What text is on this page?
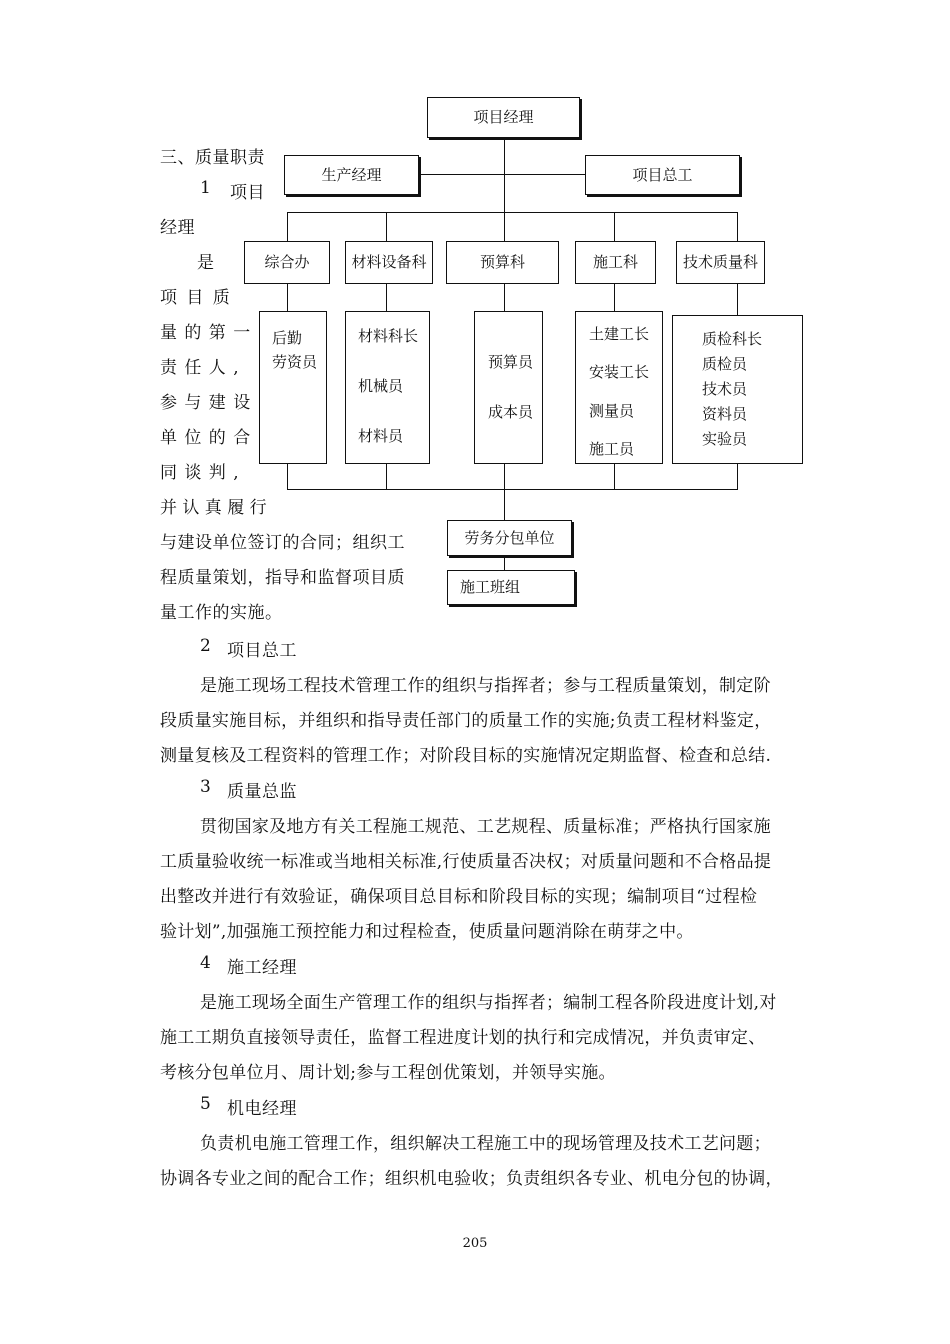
项目经理
生产经理	项目总工
综合办	材料设备科	预算科	施工科	技术质量科
后勤
劳资员
材料科长
机械员
材料员
预算员
成本员
土建工长
安装工长
测量员
施工员
质检科长
质检员
技术员
资料员
实验员
劳务分包单位
施工班组
三、质量职责
1 项目
经理
是
项 目 质
量 的 第 一
责 任 人 ,
参 与 建 设
单 位 的 合
同 谈 判 ,
并 认 真 履 行
与建设单位签订的合同；组织工
程质量策划，指导和监督项目质
量工作的实施。
2 项目总工
是施工现场工程技术管理工作的组织与指挥者；参与工程质量策划，制定阶
段质量实施目标，并组织和指导责任部门的质量工作的实施;负责工程材料鉴定，
测量复核及工程资料的管理工作；对阶段目标的实施情况定期监督、检查和总结.
3 质量总监
贯彻国家及地方有关工程施工规范、工艺规程、质量标准；严格执行国家施
工质量验收统一标准或当地相关标准,行使质量否决权；对质量问题和不合格品提
出整改并进行有效验证，确保项目总目标和阶段目标的实现；编制项目“过程检
验计划”,加强施工预控能力和过程检查，使质量问题消除在萌芽之中。
4 施工经理
是施工现场全面生产管理工作的组织与指挥者；编制工程各阶段进度计划,对
施工工期负直接领导责任，监督工程进度计划的执行和完成情况，并负责审定、
考核分包单位月、周计划;参与工程创优策划，并领导实施。
5 机电经理
负责机电施工管理工作，组织解决工程施工中的现场管理及技术工艺问题；
协调各专业之间的配合工作；组织机电验收；负责组织各专业、机电分包的协调，
205
